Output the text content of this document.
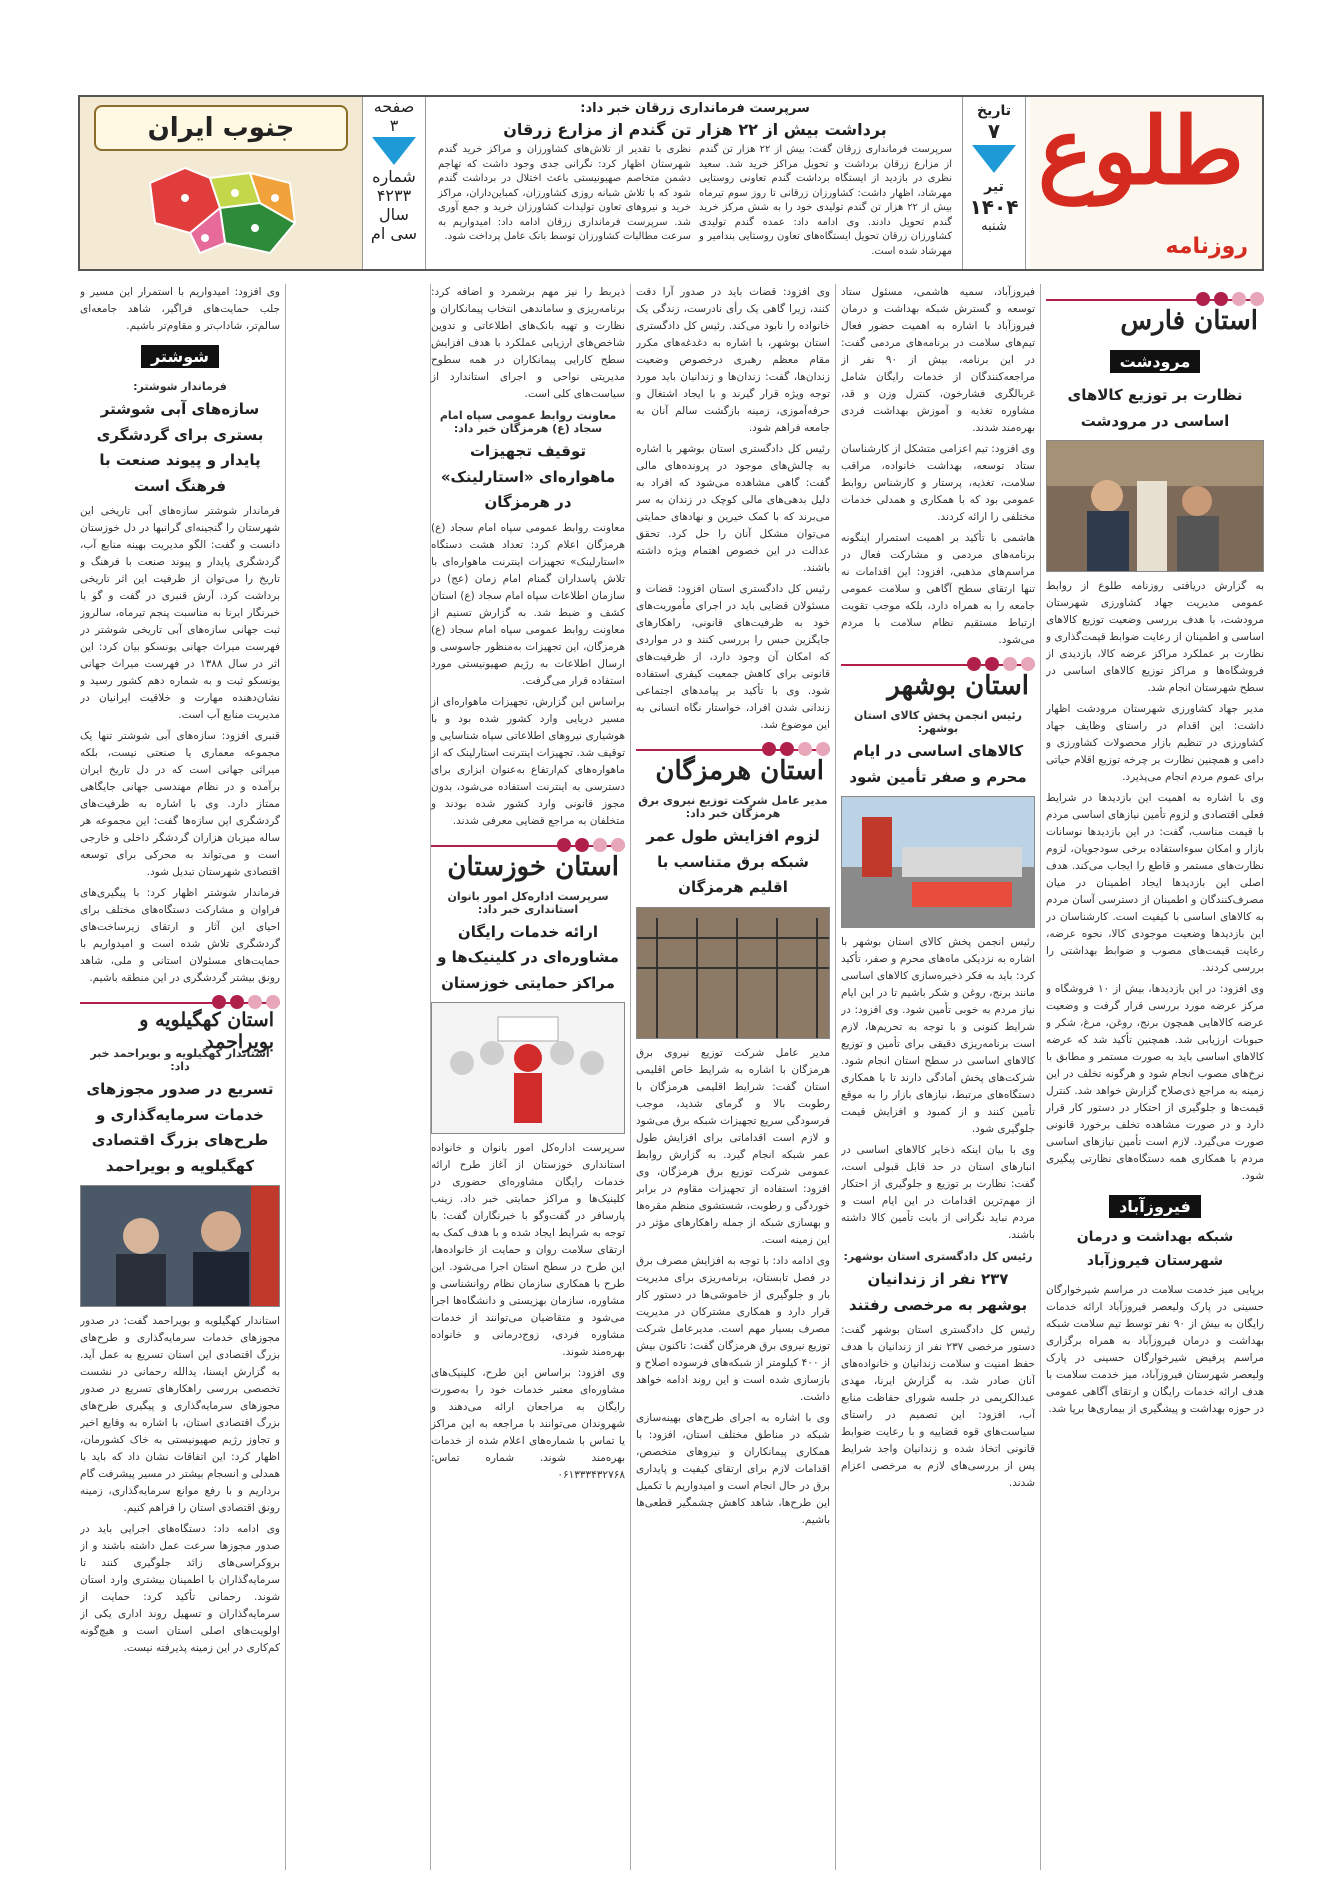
طلوع
روزنامه
تاریخ
۷
تیر
۱۴۰۴
شنبه
سرپرست فرمانداری زرقان خبر داد:
برداشت بیش از ۲۲ هزار تن گندم از مزارع زرقان
سرپرست فرمانداری زرقان گفت: بیش از ۲۲ هزار تن گندم از مزارع زرقان برداشت و تحویل مراکز خرید شد. سعید نظری در بازدید از ایستگاه برداشت گندم تعاونی روستایی مهرشاد، اظهار داشت: کشاورزان زرقانی تا روز سوم تیرماه بیش از ۲۲ هزار تن گندم تولیدی خود را به شش مرکز خرید گندم تحویل دادند. وی ادامه داد: عمده گندم تولیدی کشاورزان زرقان تحویل ایستگاه‌های تعاون روستایی بندامیر و مهرشاد شده است.
نظری با تقدیر از تلاش‌های کشاورزان و مراکز خرید گندم شهرستان اظهار کرد: نگرانی جدی وجود داشت که تهاجم دشمن متخاصم صهیونیستی باعث اختلال در برداشت گندم شود که با تلاش شبانه روزی کشاورزان، کمباین‌داران، مراکز خرید و نیروهای تعاون تولیدات کشاورزان خرید و جمع آوری شد. سرپرست فرمانداری زرقان ادامه داد: امیدواریم به سرعت مطالبات کشاورزان توسط بانک عامل پرداخت شود.
صفحه
۳
شماره
۴۲۳۳
سال
سی ام
جنوب ایران
استان فارس
مرودشت
نظارت بر توزیع کالاهای اساسی در مرودشت

به گزارش دریافتی روزنامه طلوع از روابط عمومی مدیریت جهاد کشاورزی شهرستان مرودشت، با هدف بررسی وضعیت توزیع کالاهای اساسی و اطمینان از رعایت ضوابط قیمت‌گذاری و نظارت بر عملکرد مراکز عرضه کالا، بازدیدی از فروشگاه‌ها و مراکز توزیع کالاهای اساسی در سطح شهرستان انجام شد.

مدیر جهاد کشاورزی شهرستان مرودشت اظهار داشت: این اقدام در راستای وظایف جهاد کشاورزی در تنظیم بازار محصولات کشاورزی و دامی و همچنین نظارت بر چرخه توزیع اقلام حیاتی برای عموم مردم انجام می‌پذیرد.

وی با اشاره به اهمیت این بازدیدها در شرایط فعلی اقتصادی و لزوم تأمین نیازهای اساسی مردم با قیمت مناسب، گفت: در این بازدیدها نوسانات بازار و امکان سوءاستفاده برخی سودجویان، لزوم نظارت‌های مستمر و قاطع را ایجاب می‌کند. هدف اصلی این بازدیدها ایجاد اطمینان در میان مصرف‌کنندگان و اطمینان از دسترسی آسان مردم به کالاهای اساسی با کیفیت است. کارشناسان در این بازدیدها وضعیت موجودی کالا، نحوه عرضه، رعایت قیمت‌های مصوب و ضوابط بهداشتی را بررسی کردند.

وی افزود: در این بازدیدها، بیش از ۱۰ فروشگاه و مرکز عرضه مورد بررسی قرار گرفت و وضعیت عرضه کالاهایی همچون برنج، روغن، مرغ، شکر و حبوبات ارزیابی شد. همچنین تأکید شد که عرضه کالاهای اساسی باید به صورت مستمر و مطابق با نرخ‌های مصوب انجام شود و هرگونه تخلف در این زمینه به مراجع ذی‌صلاح گزارش خواهد شد. کنترل قیمت‌ها و جلوگیری از احتکار در دستور کار قرار دارد و در صورت مشاهده تخلف برخورد قانونی صورت می‌گیرد. لازم است تأمین نیازهای اساسی مردم با همکاری همه دستگاه‌های نظارتی پیگیری شود.

فیروزآباد
شبکه بهداشت و درمان شهرستان فیروزآباد

برپایی میز خدمت سلامت در مراسم شیرخوارگان حسینی در پارک ولیعصر فیروزآباد ارائه خدمات رایگان به بیش از ۹۰ نفر توسط تیم سلامت شبکه بهداشت و درمان فیروزآباد به همراه برگزاری مراسم پرفیض شیرخوارگان حسینی در پارک ولیعصر شهرستان فیروزآباد، میز خدمت سلامت با هدف ارائه خدمات رایگان و ارتقای آگاهی عمومی در حوزه بهداشت و پیشگیری از بیماری‌ها برپا شد.

فیروزآباد، سمیه هاشمی، مسئول ستاد توسعه و گسترش شبکه بهداشت و درمان فیروزآباد با اشاره به اهمیت حضور فعال تیم‌های سلامت در برنامه‌های مردمی گفت: در این برنامه، بیش از ۹۰ نفر از مراجعه‌کنندگان از خدمات رایگان شامل غربالگری فشارخون، کنترل وزن و قد، مشاوره تغذیه و آموزش بهداشت فردی بهره‌مند شدند.

وی افزود: تیم اعزامی متشکل از کارشناسان ستاد توسعه، بهداشت خانواده، مراقب سلامت، تغذیه، پرستار و کارشناس روابط عمومی بود که با همکاری و همدلی خدمات مختلفی را ارائه کردند.

هاشمی با تأکید بر اهمیت استمرار اینگونه برنامه‌های مردمی و مشارکت فعال در مراسم‌های مذهبی، افزود: این اقدامات نه تنها ارتقای سطح آگاهی و سلامت عمومی جامعه را به همراه دارد، بلکه موجب تقویت ارتباط مستقیم نظام سلامت با مردم می‌شود.

استان بوشهر
رئیس انجمن پخش کالای استان بوشهر:
کالاهای اساسی در ایام محرم و صفر تأمین شود

رئیس انجمن پخش کالای استان بوشهر با اشاره به نزدیکی ماه‌های محرم و صفر، تأکید کرد: باید به فکر ذخیره‌سازی کالاهای اساسی مانند برنج، روغن و شکر باشیم تا در این ایام نیاز مردم به خوبی تأمین شود. وی افزود: در شرایط کنونی و با توجه به تحریم‌ها، لازم است برنامه‌ریزی دقیقی برای تأمین و توزیع کالاهای اساسی در سطح استان انجام شود. شرکت‌های پخش آمادگی دارند تا با همکاری دستگاه‌های مرتبط، نیازهای بازار را به موقع تأمین کنند و از کمبود و افزایش قیمت جلوگیری شود.

وی با بیان اینکه ذخایر کالاهای اساسی در انبارهای استان در حد قابل قبولی است، گفت: نظارت بر توزیع و جلوگیری از احتکار از مهم‌ترین اقدامات در این ایام است و مردم نباید نگرانی از بابت تأمین کالا داشته باشند.

رئیس کل دادگستری استان بوشهر:
۲۳۷ نفر از زندانیان بوشهر به مرخصی رفتند

رئیس کل دادگستری استان بوشهر گفت: دستور مرخصی ۲۳۷ نفر از زندانیان با هدف حفظ امنیت و سلامت زندانیان و خانواده‌های آنان صادر شد. به گزارش ایرنا، مهدی عبدالکریمی در جلسه شورای حفاظت منابع آب، افزود: این تصمیم در راستای سیاست‌های قوه قضاییه و با رعایت ضوابط قانونی اتخاذ شده و زندانیان واجد شرایط پس از بررسی‌های لازم به مرخصی اعزام شدند.

وی افزود: قضات باید در صدور آرا دقت کنند، زیرا گاهی یک رأی نادرست، زندگی یک خانواده را نابود می‌کند. رئیس کل دادگستری استان بوشهر، با اشاره به دغدغه‌های مکرر مقام معظم رهبری درخصوص وضعیت زندان‌ها، گفت: زندان‌ها و زندانیان باید مورد توجه ویژه قرار گیرند و با ایجاد اشتغال و حرفه‌آموزی، زمینه بازگشت سالم آنان به جامعه فراهم شود.

رئیس کل دادگستری استان بوشهر با اشاره به چالش‌های موجود در پرونده‌های مالی گفت: گاهی مشاهده می‌شود که افراد به دلیل بدهی‌های مالی کوچک در زندان به سر می‌برند که با کمک خیرین و نهادهای حمایتی می‌توان مشکل آنان را حل کرد. تحقق عدالت در این خصوص اهتمام ویژه داشته باشند.

رئیس کل دادگستری استان افزود: قضات و مسئولان قضایی باید در اجرای مأموریت‌های خود به ظرفیت‌های قانونی، راهکارهای جایگزین حبس را بررسی کنند و در مواردی که امکان آن وجود دارد، از ظرفیت‌های قانونی برای کاهش جمعیت کیفری استفاده شود. وی با تأکید بر پیامدهای اجتماعی زندانی شدن افراد، خواستار نگاه انسانی به این موضوع شد.

استان هرمزگان
مدیر عامل شرکت توزیع نیروی برق هرمزگان خبر داد:
لزوم افزایش طول عمر شبکه برق متناسب با اقلیم هرمزگان

مدیر عامل شرکت توزیع نیروی برق هرمزگان با اشاره به شرایط خاص اقلیمی استان گفت: شرایط اقلیمی هرمزگان با رطوبت بالا و گرمای شدید، موجب فرسودگی سریع تجهیزات شبکه برق می‌شود و لازم است اقداماتی برای افزایش طول عمر شبکه انجام گیرد. به گزارش روابط عمومی شرکت توزیع برق هرمزگان، وی افزود: استفاده از تجهیزات مقاوم در برابر خوردگی و رطوبت، شستشوی منظم مقره‌ها و بهسازی شبکه از جمله راهکارهای مؤثر در این زمینه است.

وی ادامه داد: با توجه به افزایش مصرف برق در فصل تابستان، برنامه‌ریزی برای مدیریت بار و جلوگیری از خاموشی‌ها در دستور کار قرار دارد و همکاری مشترکان در مدیریت مصرف بسیار مهم است. مدیرعامل شرکت توزیع نیروی برق هرمزگان گفت: تاکنون بیش از ۴۰۰ کیلومتر از شبکه‌های فرسوده اصلاح و بازسازی شده است و این روند ادامه خواهد داشت.

وی با اشاره به اجرای طرح‌های بهینه‌سازی شبکه در مناطق مختلف استان، افزود: با همکاری پیمانکاران و نیروهای متخصص، اقدامات لازم برای ارتقای کیفیت و پایداری برق در حال انجام است و امیدواریم با تکمیل این طرح‌ها، شاهد کاهش چشمگیر قطعی‌ها باشیم.

ذیربط را نیز مهم برشمرد و اضافه کرد: برنامه‌ریزی و ساماندهی انتخاب پیمانکاران و نظارت و تهیه بانک‌های اطلاعاتی و تدوین شاخص‌های ارزیابی عملکرد با هدف افزایش سطح کارایی پیمانکاران در همه سطوح مدیریتی نواحی و اجرای استاندارد از سیاست‌های کلی است.

معاونت روابط عمومی سپاه امام سجاد (ع) هرمزگان خبر داد:
توقیف تجهیزات ماهواره‌ای «استارلینک» در هرمزگان

معاونت روابط عمومی سپاه امام سجاد (ع) هرمزگان اعلام کرد: تعداد هشت دستگاه «استارلینک» تجهیزات اینترنت ماهواره‌ای با تلاش پاسداران گمنام امام زمان (عج) در سازمان اطلاعات سپاه امام سجاد (ع) استان کشف و ضبط شد. به گزارش تسنیم از معاونت روابط عمومی سپاه امام سجاد (ع) هرمزگان، این تجهیزات به‌منظور جاسوسی و ارسال اطلاعات به رژیم صهیونیستی مورد استفاده قرار می‌گرفت.

براساس این گزارش، تجهیزات ماهواره‌ای از مسیر دریایی وارد کشور شده بود و با هوشیاری نیروهای اطلاعاتی سپاه شناسایی و توقیف شد. تجهیزات اینترنت استارلینک که از ماهواره‌های کم‌ارتفاع به‌عنوان ابزاری برای دسترسی به اینترنت استفاده می‌شود، بدون مجوز قانونی وارد کشور شده بودند و متخلفان به مراجع قضایی معرفی شدند.

استان خوزستان
سرپرست اداره‌کل امور بانوان استانداری خبر داد:
ارائه خدمات رایگان مشاوره‌ای در کلینیک‌ها و مراکز حمایتی خوزستان

سرپرست اداره‌کل امور بانوان و خانواده استانداری خوزستان از آغاز طرح ارائه خدمات رایگان مشاوره‌ای حضوری در کلینیک‌ها و مراکز حمایتی خبر داد. زینب پارسافر در گفت‌وگو با خبرنگاران گفت: با توجه به شرایط ایجاد شده و با هدف کمک به ارتقای سلامت روان و حمایت از خانواده‌ها، این طرح در سطح استان اجرا می‌شود. این طرح با همکاری سازمان نظام روانشناسی و مشاوره، سازمان بهزیستی و دانشگاه‌ها اجرا می‌شود و متقاضیان می‌توانند از خدمات مشاوره فردی، زوج‌درمانی و خانواده بهره‌مند شوند.

وی افزود: براساس این طرح، کلینیک‌های مشاوره‌ای معتبر خدمات خود را به‌صورت رایگان به مراجعان ارائه می‌دهند و شهروندان می‌توانند با مراجعه به این مراکز یا تماس با شماره‌های اعلام شده از خدمات بهره‌مند شوند. شماره تماس: ۰۶۱۳۳۳۴۳۲۷۶۸

وی افزود: امیدواریم با استمرار این مسیر و جلب حمایت‌های فراگیر، شاهد جامعه‌ای سالم‌تر، شاداب‌تر و مقاوم‌تر باشیم.

شوشتر
فرماندار شوشتر:
سازه‌های آبی شوشتر بستری برای گردشگری پایدار و پیوند صنعت با فرهنگ است

فرماندار شوشتر سازه‌های آبی تاریخی این شهرستان را گنجینه‌ای گرانبها در دل خوزستان دانست و گفت: الگو مدیریت بهینه منابع آب، گردشگری پایدار و پیوند صنعت با فرهنگ و تاریخ را می‌توان از ظرفیت این اثر تاریخی برداشت کرد. آرش قنبری در گفت و گو با خبرنگار ایرنا به مناسبت پنجم تیرماه، سالروز ثبت جهانی سازه‌های آبی تاریخی شوشتر در فهرست میراث جهانی یونسکو بیان کرد: این اثر در سال ۱۳۸۸ در فهرست میراث جهانی یونسکو ثبت و به شماره دهم کشور رسید و نشان‌دهنده مهارت و خلاقیت ایرانیان در مدیریت منابع آب است.

قنبری افزود: سازه‌های آبی شوشتر تنها یک مجموعه معماری یا صنعتی نیست، بلکه میراثی جهانی است که در دل تاریخ ایران برآمده و در نظام مهندسی جهانی جایگاهی ممتاز دارد. وی با اشاره به ظرفیت‌های گردشگری این سازه‌ها گفت: این مجموعه هر ساله میزبان هزاران گردشگر داخلی و خارجی است و می‌تواند به محرکی برای توسعه اقتصادی شهرستان تبدیل شود.

فرماندار شوشتر اظهار کرد: با پیگیری‌های فراوان و مشارکت دستگاه‌های مختلف برای احیای این آثار و ارتقای زیرساخت‌های گردشگری تلاش شده است و امیدواریم با حمایت‌های مسئولان استانی و ملی، شاهد رونق بیشتر گردشگری در این منطقه باشیم.

استان کهگیلویه و بویراحمد
استاندار کهگیلویه و بویراحمد خبر داد:
تسریع در صدور مجوزهای خدمات سرمایه‌گذاری و طرح‌های بزرگ اقتصادی کهگیلویه و بویراحمد

استاندار کهگیلویه و بویراحمد گفت: در صدور مجوزهای خدمات سرمایه‌گذاری و طرح‌های بزرگ اقتصادی این استان تسریع به عمل آید. به گزارش ایسنا، یدالله رحمانی در نشست تخصصی بررسی راهکارهای تسریع در صدور مجوزهای سرمایه‌گذاری و پیگیری طرح‌های بزرگ اقتصادی استان، با اشاره به وقایع اخیر و تجاوز رژیم صهیونیستی به خاک کشورمان، اظهار کرد: این اتفاقات نشان داد که باید با همدلی و انسجام بیشتر در مسیر پیشرفت گام برداریم و با رفع موانع سرمایه‌گذاری، زمینه رونق اقتصادی استان را فراهم کنیم.

وی ادامه داد: دستگاه‌های اجرایی باید در صدور مجوزها سرعت عمل داشته باشند و از بروکراسی‌های زائد جلوگیری کنند تا سرمایه‌گذاران با اطمینان بیشتری وارد استان شوند. رحمانی تأکید کرد: حمایت از سرمایه‌گذاران و تسهیل روند اداری یکی از اولویت‌های اصلی استان است و هیچ‌گونه کم‌کاری در این زمینه پذیرفته نیست.
